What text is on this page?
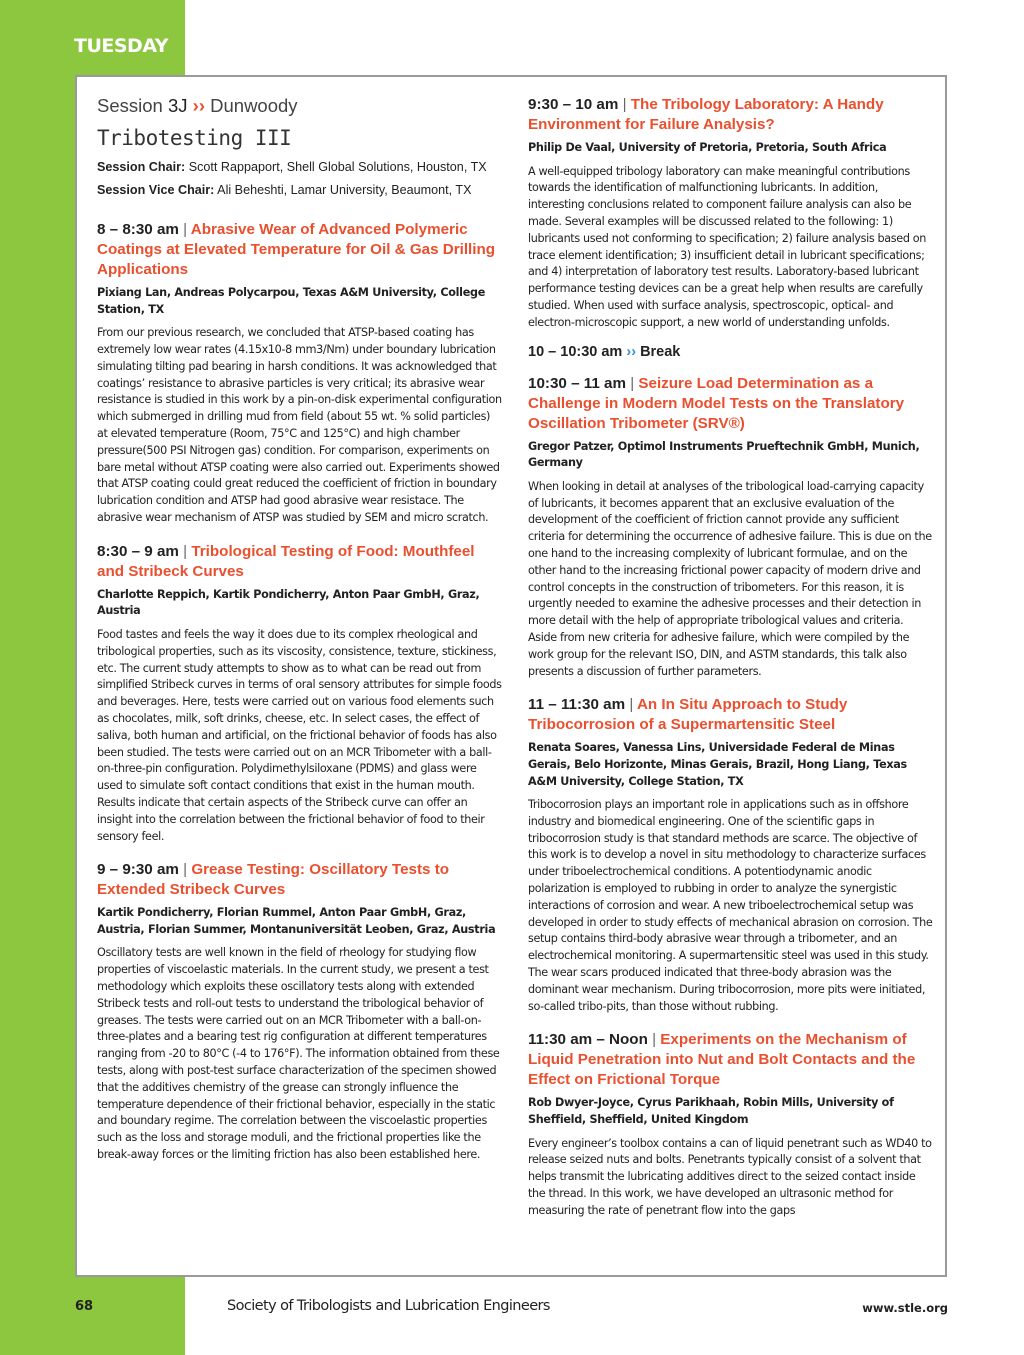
TUESDAY
Session 3J ›› Dunwoody
Tribotesting III
Session Chair: Scott Rappaport, Shell Global Solutions, Houston, TX
Session Vice Chair: Ali Beheshti, Lamar University, Beaumont, TX
8 – 8:30 am | Abrasive Wear of Advanced Polymeric Coatings at Elevated Temperature for Oil & Gas Drilling Applications
Pixiang Lan, Andreas Polycarpou, Texas A&M University, College Station, TX
From our previous research, we concluded that ATSP-based coating has extremely low wear rates (4.15x10-8 mm3/Nm) under boundary lubrication simulating tilting pad bearing in harsh conditions. It was acknowledged that coatings’ resistance to abrasive particles is very critical; its abrasive wear resistance is studied in this work by a pin-on-disk experimental configuration which submerged in drilling mud from field (about 55 wt. % solid particles) at elevated temperature (Room, 75°C and 125°C) and high chamber pressure(500 PSI Nitrogen gas) condition. For comparison, experiments on bare metal without ATSP coating were also carried out. Experiments showed that ATSP coating could great reduced the coefficient of friction in boundary lubrication condition and ATSP had good abrasive wear resistace. The abrasive wear mechanism of ATSP was studied by SEM and micro scratch.
8:30 – 9 am | Tribological Testing of Food: Mouthfeel and Stribeck Curves
Charlotte Reppich, Kartik Pondicherry, Anton Paar GmbH, Graz, Austria
Food tastes and feels the way it does due to its complex rheological and tribological properties, such as its viscosity, consistence, texture, stickiness, etc. The current study attempts to show as to what can be read out from simplified Stribeck curves in terms of oral sensory attributes for simple foods and beverages. Here, tests were carried out on various food elements such as chocolates, milk, soft drinks, cheese, etc. In select cases, the effect of saliva, both human and artificial, on the frictional behavior of foods has also been studied. The tests were carried out on an MCR Tribometer with a ball-on-three-pin configuration. Polydimethylsiloxane (PDMS) and glass were used to simulate soft contact conditions that exist in the human mouth. Results indicate that certain aspects of the Stribeck curve can offer an insight into the correlation between the frictional behavior of food to their sensory feel.
9 – 9:30 am | Grease Testing: Oscillatory Tests to Extended Stribeck Curves
Kartik Pondicherry, Florian Rummel, Anton Paar GmbH, Graz, Austria, Florian Summer, Montanuniversität Leoben, Graz, Austria
Oscillatory tests are well known in the field of rheology for studying flow properties of viscoelastic materials. In the current study, we present a test methodology which exploits these oscillatory tests along with extended Stribeck tests and roll-out tests to understand the tribological behavior of greases. The tests were carried out on an MCR Tribometer with a ball-on-three-plates and a bearing test rig configuration at different temperatures ranging from -20 to 80°C (-4 to 176°F). The information obtained from these tests, along with post-test surface characterization of the specimen showed that the additives chemistry of the grease can strongly influence the temperature dependence of their frictional behavior, especially in the static and boundary regime. The correlation between the viscoelastic properties such as the loss and storage moduli, and the frictional properties like the break-away forces or the limiting friction has also been established here.
9:30 – 10 am | The Tribology Laboratory: A Handy Environment for Failure Analysis?
Philip De Vaal, University of Pretoria, Pretoria, South Africa
A well-equipped tribology laboratory can make meaningful contributions towards the identification of malfunctioning lubricants. In addition, interesting conclusions related to component failure analysis can also be made. Several examples will be discussed related to the following: 1) lubricants used not conforming to specification; 2) failure analysis based on trace element identification; 3) insufficient detail in lubricant specifications; and 4) interpretation of laboratory test results. Laboratory-based lubricant performance testing devices can be a great help when results are carefully studied. When used with surface analysis, spectroscopic, optical- and electron-microscopic support, a new world of understanding unfolds.
10 – 10:30 am ›› Break
10:30 – 11 am | Seizure Load Determination as a Challenge in Modern Model Tests on the Translatory Oscillation Tribometer (SRV®)
Gregor Patzer, Optimol Instruments Prueftechnik GmbH, Munich, Germany
When looking in detail at analyses of the tribological load-carrying capacity of lubricants, it becomes apparent that an exclusive evaluation of the development of the coefficient of friction cannot provide any sufficient criteria for determining the occurrence of adhesive failure. This is due on the one hand to the increasing complexity of lubricant formulae, and on the other hand to the increasing frictional power capacity of modern drive and control concepts in the construction of tribometers. For this reason, it is urgently needed to examine the adhesive processes and their detection in more detail with the help of appropriate tribological values and criteria. Aside from new criteria for adhesive failure, which were compiled by the work group for the relevant ISO, DIN, and ASTM standards, this talk also presents a discussion of further parameters.
11 – 11:30 am | An In Situ Approach to Study Tribocorrosion of a Supermartensitic Steel
Renata Soares, Vanessa Lins, Universidade Federal de Minas Gerais, Belo Horizonte, Minas Gerais, Brazil, Hong Liang, Texas A&M University, College Station, TX
Tribocorrosion plays an important role in applications such as in offshore industry and biomedical engineering. One of the scientific gaps in tribocorrosion study is that standard methods are scarce. The objective of this work is to develop a novel in situ methodology to characterize surfaces under triboelectrochemical conditions. A potentiodynamic anodic polarization is employed to rubbing in order to analyze the synergistic interactions of corrosion and wear. A new triboelectrochemical setup was developed in order to study effects of mechanical abrasion on corrosion. The setup contains third-body abrasive wear through a tribometer, and an electrochemical monitoring. A supermartensitic steel was used in this study. The wear scars produced indicated that three-body abrasion was the dominant wear mechanism. During tribocorrosion, more pits were initiated, so-called tribo-pits, than those without rubbing.
11:30 am – Noon | Experiments on the Mechanism of Liquid Penetration into Nut and Bolt Contacts and the Effect on Frictional Torque
Rob Dwyer-Joyce, Cyrus Parikhaah, Robin Mills, University of Sheffield, Sheffield, United Kingdom
Every engineer’s toolbox contains a can of liquid penetrant such as WD40 to release seized nuts and bolts. Penetrants typically consist of a solvent that helps transmit the lubricating additives direct to the seized contact inside the thread. In this work, we have developed an ultrasonic method for measuring the rate of penetrant flow into the gaps
68	Society of Tribologists and Lubrication Engineers	www.stle.org
